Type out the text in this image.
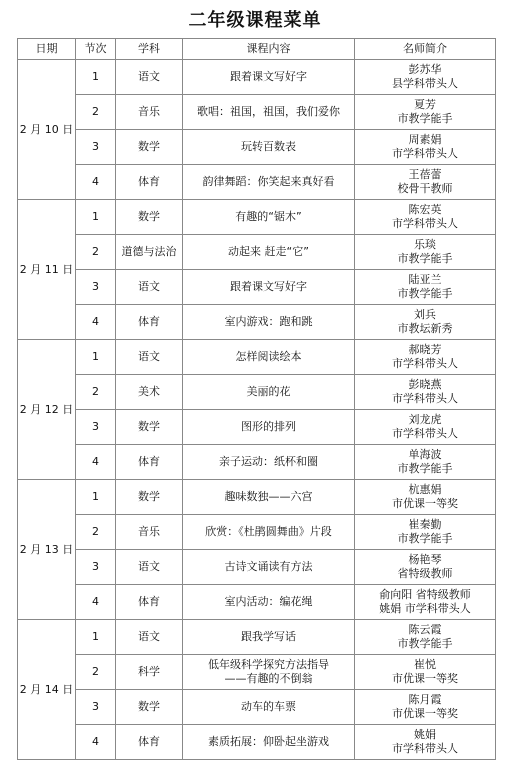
二年级课程菜单
日期	节次	学科	课程内容	名师简介
2 月 10 日	1	语文	跟着课文写好字	彭苏华
县学科带头人

	2	音乐	歌唱：祖国，祖国，我们爱你	夏芳
市教学能手

	3	数学	玩转百数表	周素娟
市学科带头人

	4	体育	韵律舞蹈：你笑起来真好看	王蓓蕾
校骨干教师

2 月 11 日	1	数学	有趣的“锯木”	陈宏英
市学科带头人

	2	道德与法治	动起来 赶走“它”	乐琰
市教学能手

	3	语文	跟着课文写好字	陆亚兰
市教学能手

	4	体育	室内游戏：跑和跳	刘兵
市教坛新秀

2 月 12 日	1	语文	怎样阅读绘本	郝晓芳
市学科带头人

	2	美术	美丽的花	彭晓燕
市学科带头人

	3	数学	图形的排列	刘龙虎
市学科带头人

	4	体育	亲子运动：纸杯和圈	单海波
市教学能手

2 月 13 日	1	数学	趣味数独——六宫	杭惠娟
市优课一等奖

	2	音乐	欣赏：《杜鹃圆舞曲》片段	崔秦勤
市教学能手

	3	语文	古诗文诵读有方法	杨艳琴
省特级教师

	4	体育	室内活动：编花绳	俞向阳 省特级教师
姚娟 市学科带头人

2 月 14 日	1	语文	跟我学写话	陈云霞
市教学能手

	2	科学	低年级科学探究方法指导
——有趣的不倒翁	崔悦
市优课一等奖

	3	数学	动车的车票	陈月霞
市优课一等奖

	4	体育	素质拓展：仰卧起坐游戏	姚娟
市学科带头人
